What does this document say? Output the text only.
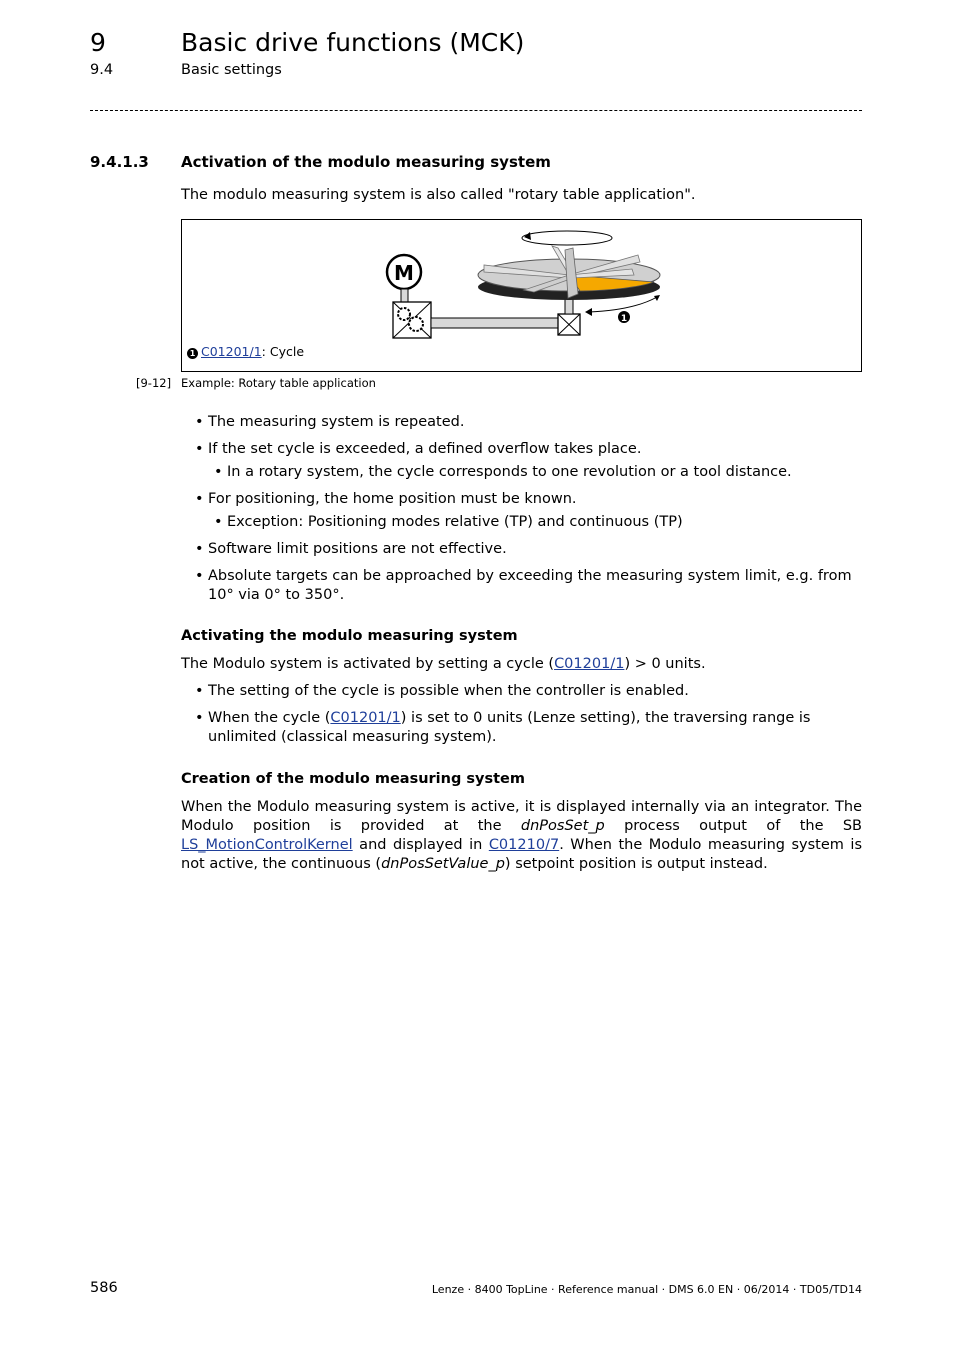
9	Basic drive functions (MCK)
9.4	Basic settings
9.4.1.3 Activation of the modulo measuring system
The modulo measuring system is also called "rotary table application".
M
1
1 C01201/1: Cycle
[9-12] Example: Rotary table application
• The measuring system is repeated.
• If the set cycle is exceeded, a defined overflow takes place.
• In a rotary system, the cycle corresponds to one revolution or a tool distance.
• For positioning, the home position must be known.
• Exception: Positioning modes relative (TP) and continuous (TP)
• Software limit positions are not effective.
• Absolute targets can be approached by exceeding the measuring system limit, e.g. from 10° via 0° to 350°.
Activating the modulo measuring system
The Modulo system is activated by setting a cycle (C01201/1) > 0 units.
• The setting of the cycle is possible when the controller is enabled.
• When the cycle (C01201/1) is set to 0 units (Lenze setting), the traversing range is unlimited (classical measuring system).
Creation of the modulo measuring system
When the Modulo measuring system is active, it is displayed internally via an integrator. The Modulo position is provided at the dnPosSet_p process output of the SB LS_MotionControlKernel and displayed in C01210/7. When the Modulo measuring system is not active, the continuous (dnPosSetValue_p) setpoint position is output instead.
586	Lenze · 8400 TopLine · Reference manual · DMS 6.0 EN · 06/2014 · TD05/TD14
